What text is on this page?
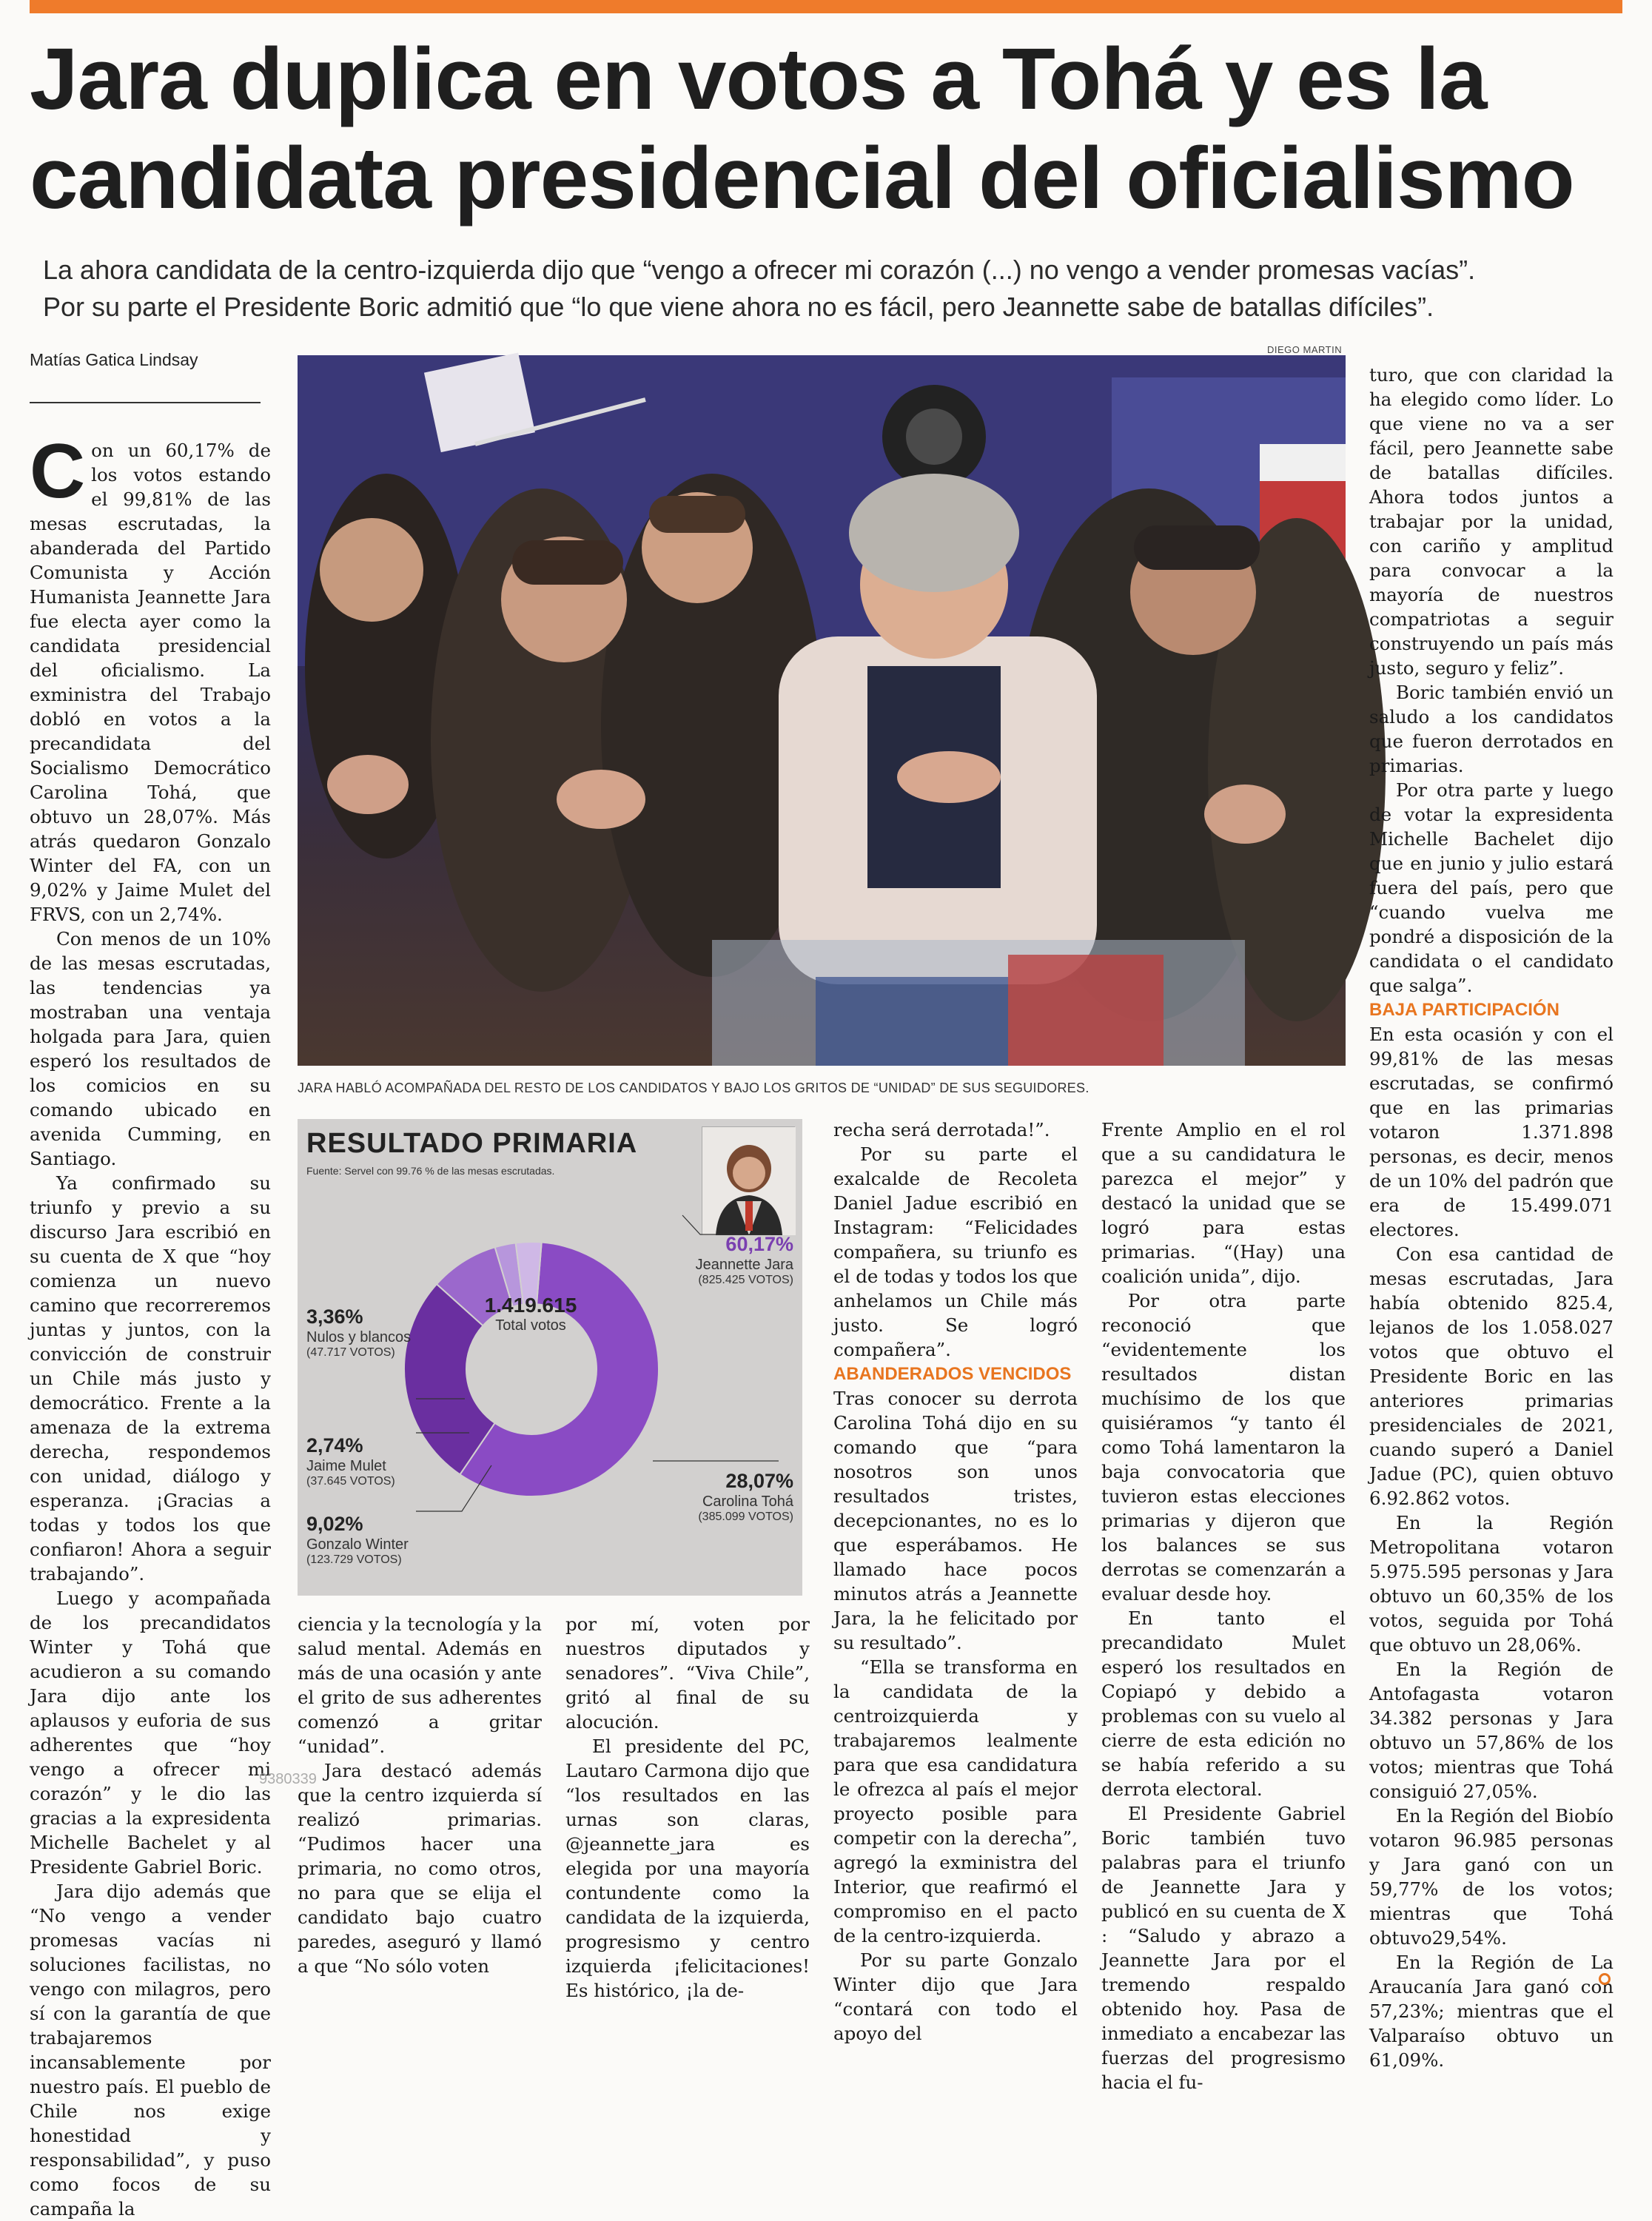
Jara duplica en votos a Tohá y es la
candidata presidencial del oficialismo
La ahora candidata de la centro-izquierda dijo que “vengo a ofrecer mi corazón (...) no vengo a vender promesas vacías”.
Por su parte el Presidente Boric admitió que “lo que viene ahora no es fácil, pero Jeannette sabe de batallas difíciles”.
Matías Gatica Lindsay
DIEGO MARTIN
JARA HABLÓ ACOMPAÑADA DEL RESTO DE LOS CANDIDATOS Y BAJO LOS GRITOS DE “UNIDAD” DE SUS SEGUIDORES.
RESULTADO PRIMARIA
Fuente: Servel con 99.76 % de las mesas escrutadas.
1.419.615
Total votos
60,17%
Jeannette Jara
(825.425 VOTOS)
28,07%
Carolina Tohá
(385.099 VOTOS)
3,36%
Nulos y blancos
(47.717 VOTOS)
2,74%
Jaime Mulet
(37.645 VOTOS)
9,02%
Gonzalo Winter
(123.729 VOTOS)
C on un 60,17% de los votos estando el 99,81% de las mesas escrutadas, la abanderada del Partido Comunista y Acción Humanista Jeannette Jara fue electa ayer como la candidata presidencial del oficialismo. La exministra del Trabajo dobló en votos a la precandidata del Socialismo Democrático Carolina Tohá, que obtuvo un 28,07%. Más atrás quedaron Gonzalo Winter del FA, con un 9,02% y Jaime Mulet del FRVS, con un 2,74%.

Con menos de un 10% de las mesas escrutadas, las tendencias ya mostraban una ventaja holgada para Jara, quien esperó los resultados de los comicios en su comando ubicado en avenida Cumming, en Santiago.

Ya confirmado su triunfo y previo a su discurso Jara escribió en su cuenta de X que “hoy comienza un nuevo camino que recorreremos juntas y juntos, con la convicción de construir un Chile más justo y democrático. Frente a la amenaza de la extrema derecha, respondemos con unidad, diálogo y esperanza. ¡Gracias a todas y todos los que confiaron! Ahora a seguir trabajando”.

Luego y acompañada de los precandidatos Winter y Tohá que acudieron a su comando Jara dijo ante los aplausos y euforia de sus adherentes que “hoy vengo a ofrecer mi corazón” y le dio las gracias a la expresidenta Michelle Bachelet y al Presidente Gabriel Boric.

Jara dijo además que “No vengo a vender promesas vacías ni soluciones facilistas, no vengo con milagros, pero sí con la garantía de que trabajaremos incansablemente por nuestro país. El pueblo de Chile nos exige honestidad y responsabilidad”, y puso como focos de su campaña la

ciencia y la tecnología y la salud mental. Además en más de una ocasión y ante el grito de sus adherentes comenzó a gritar “unidad”.

Jara destacó además que la centro izquierda sí realizó primarias. “Pudimos hacer una primaria, no como otros, no para que se elija el candidato bajo cuatro paredes, aseguró y llamó a que “No sólo voten

por mí, voten por nuestros diputados y senadores”. “Viva Chile”, gritó al final de su alocución.

El presidente del PC, Lautaro Carmona dijo que “los resultados en las urnas son claras, @jeannette_jara es elegida por una mayoría contundente como la candidata de la izquierda, progresismo y centro izquierda ¡felicitaciones! Es histórico, ¡la de-

recha será derrotada!”.

Por su parte el exalcalde de Recoleta Daniel Jadue escribió en Instagram: “Felicidades compañera, su triunfo es el de todas y todos los que anhelamos un Chile más justo. Se logró compañera”.

ABANDERADOS VENCIDOS

Tras conocer su derrota Carolina Tohá dijo en su comando que “para nosotros son unos resultados tristes, decepcionantes, no es lo que esperábamos. He llamado hace pocos minutos atrás a Jeannette Jara, la he felicitado por su resultado”.

“Ella se transforma en la candidata de la centroizquierda y trabajaremos lealmente para que esa candidatura le ofrezca al país el mejor proyecto posible para competir con la derecha”, agregó la exministra del Interior, que reafirmó el compromiso en el pacto de la centro-izquierda.

Por su parte Gonzalo Winter dijo que Jara “contará con todo el apoyo del

Frente Amplio en el rol que a su candidatura le parezca el mejor” y destacó la unidad que se logró para estas primarias. “(Hay) una coalición unida”, dijo.

Por otra parte reconoció que “evidentemente los resultados distan muchísimo de los que quisiéramos “y tanto él como Tohá lamentaron la baja convocatoria que tuvieron estas elecciones primarias y dijeron que los balances se sus derrotas se comenzarán a evaluar desde hoy.

En tanto el precandidato Mulet esperó los resultados en Copiapó y debido a problemas con su vuelo al cierre de esta edición no se había referido a su derrota electoral.

El Presidente Gabriel Boric también tuvo palabras para el triunfo de Jeannette Jara y publicó en su cuenta de X : “Saludo y abrazo a Jeannette Jara por el tremendo respaldo obtenido hoy. Pasa de inmediato a encabezar las fuerzas del progresismo hacia el fu-

turo, que con claridad la ha elegido como líder. Lo que viene no va a ser fácil, pero Jeannette sabe de batallas difíciles. Ahora todos juntos a trabajar por la unidad, con cariño y amplitud para convocar a la mayoría de nuestros compatriotas a seguir construyendo un país más justo, seguro y feliz”.

Boric también envió un saludo a los candidatos que fueron derrotados en primarias.

Por otra parte y luego de votar la expresidenta Michelle Bachelet dijo que en junio y julio estará fuera del país, pero que “cuando vuelva me pondré a disposición de la candidata o el candidato que salga”.

BAJA PARTICIPACIÓN

En esta ocasión y con el 99,81% de las mesas escrutadas, se confirmó que en las primarias votaron 1.371.898 personas, es decir, menos de un 10% del padrón que era de 15.499.071 electores.

Con esa cantidad de mesas escrutadas, Jara había obtenido 825.4, lejanos de los 1.058.027 votos que obtuvo el Presidente Boric en las anteriores primarias presidenciales de 2021, cuando superó a Daniel Jadue (PC), quien obtuvo 6.92.862 votos.

En la Región Metropolitana votaron 5.975.595 personas y Jara obtuvo un 60,35% de los votos, seguida por Tohá que obtuvo un 28,06%.

En la Región de Antofagasta votaron 34.382 personas y Jara obtuvo un 57,86% de los votos; mientras que Tohá consiguió 27,05%.

En la Región del Biobío votaron 96.985 personas y Jara ganó con un 59,77% de los votos; mientras que Tohá obtuvo29,54%.

En la Región de La Araucanía Jara ganó con 57,23%; mientras que el Valparaíso obtuvo un 61,09%.

9380339
